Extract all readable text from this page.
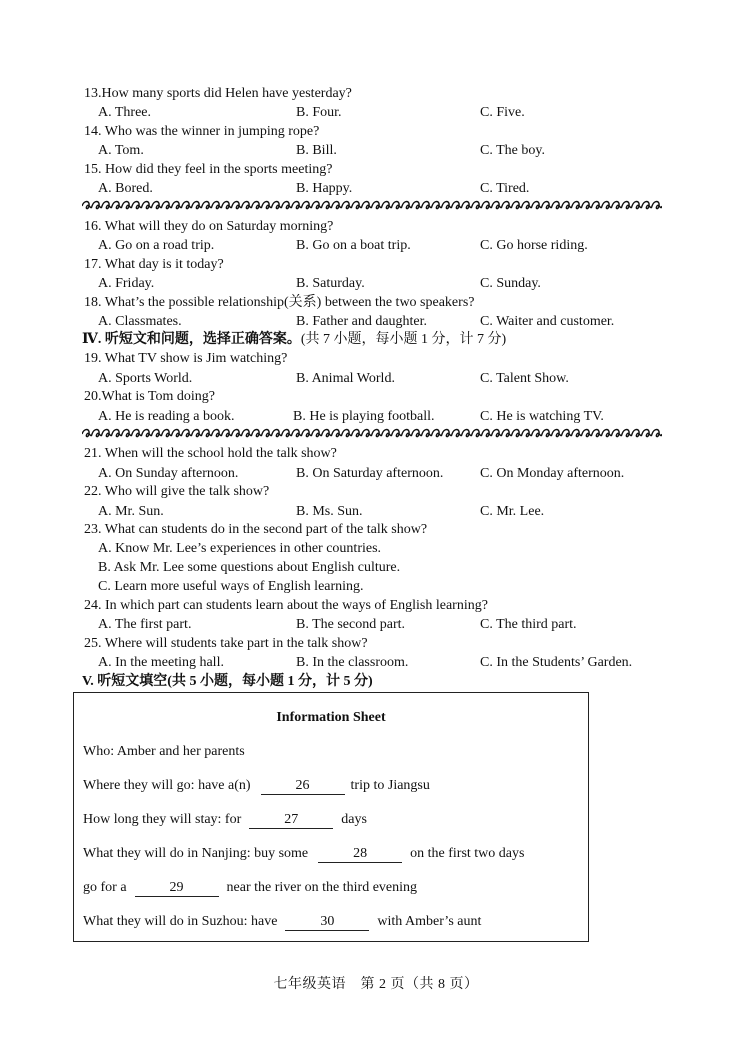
13.How many sports did Helen have yesterday?
A. Three.	B. Four.	C. Five.
14. Who was the winner in jumping rope?
A. Tom.	B. Bill.	C. The boy.
15. How did they feel in the sports meeting?
A. Bored.	B. Happy.	C. Tired.
16. What will they do on Saturday morning?
A. Go on a road trip.	B. Go on a boat trip.	C. Go horse riding.
17. What day is it today?
A. Friday.	B. Saturday.	C. Sunday.
18. What’s the possible relationship(关系) between the two speakers?
A. Classmates.	B. Father and daughter.	C. Waiter and customer.
Ⅳ. 听短文和问题，选择正确答案。(共 7 小题，每小题 1 分，计 7 分)
19. What TV show is Jim watching?
A. Sports World.	B. Animal World.	C. Talent Show.
20.What is Tom doing?
A. He is reading a book.	B. He is playing football.	C. He is watching TV.
21. When will the school hold the talk show?
A. On Sunday afternoon.	B. On Saturday afternoon.	C. On Monday afternoon.
22. Who will give the talk show?
A. Mr. Sun.	B. Ms. Sun.	C. Mr. Lee.
23. What can students do in the second part of the talk show?
A. Know Mr. Lee’s experiences in other countries.
B. Ask Mr. Lee some questions about English culture.
C. Learn more useful ways of English learning.
24. In which part can students learn about the ways of English learning?
A. The first part.	B. The second part.	C. The third part.
25. Where will students take part in the talk show?
A. In the meeting hall.	B. In the classroom.	C. In the Students’ Garden.
V. 听短文填空(共 5 小题，每小题 1 分，计 5 分)
Information Sheet
Who: Amber and her parents
Where they will go: have a(n)	26	trip to Jiangsu
How long they will stay: for	27	days
What they will do in Nanjing: buy some	28	on the first two days
go for a	29	near the river on the third evening
What they will do in Suzhou: have	30	with Amber’s aunt
七年级英语　第 2 页（共 8 页）
